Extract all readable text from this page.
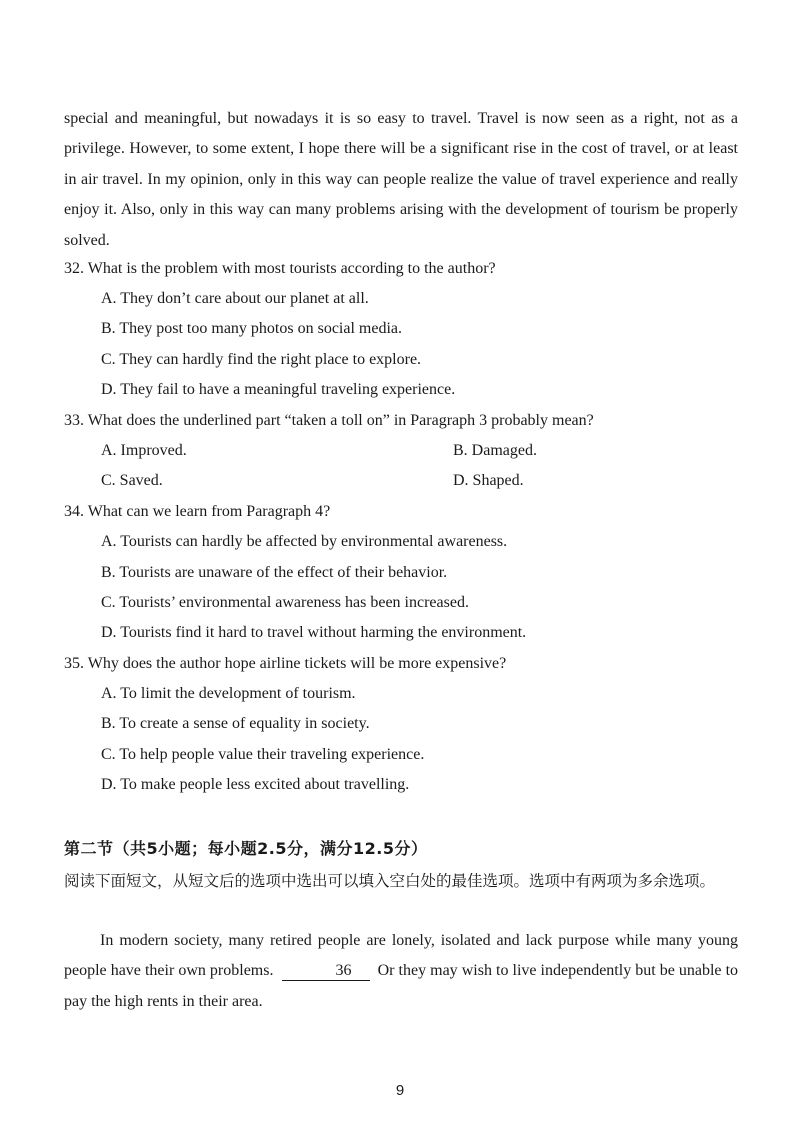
special and meaningful, but nowadays it is so easy to travel. Travel is now seen as a right, not as a privilege. However, to some extent, I hope there will be a significant rise in the cost of travel, or at least in air travel. In my opinion, only in this way can people realize the value of travel experience and really enjoy it. Also, only in this way can many problems arising with the development of tourism be properly solved.
32. What is the problem with most tourists according to the author?
A. They don’t care about our planet at all.
B. They post too many photos on social media.
C. They can hardly find the right place to explore.
D. They fail to have a meaningful traveling experience.
33. What does the underlined part “taken a toll on” in Paragraph 3 probably mean?
A. Improved.	B. Damaged.
C. Saved.	D. Shaped.
34. What can we learn from Paragraph 4?
A. Tourists can hardly be affected by environmental awareness.
B. Tourists are unaware of the effect of their behavior.
C. Tourists’ environmental awareness has been increased.
D. Tourists find it hard to travel without harming the environment.
35. Why does the author hope airline tickets will be more expensive?
A. To limit the development of tourism.
B. To create a sense of equality in society.
C. To help people value their traveling experience.
D. To make people less excited about travelling.
第二节（共5小题；每小题2.5分，满分12.5分）
阅读下面短文，从短文后的选项中选出可以填入空白处的最佳选项。选项中有两项为多余选项。
In modern society, many retired people are lonely, isolated and lack purpose while many young people have their own problems.	36 Or they may wish to live independently but be unable to pay the high rents in their area.
9
